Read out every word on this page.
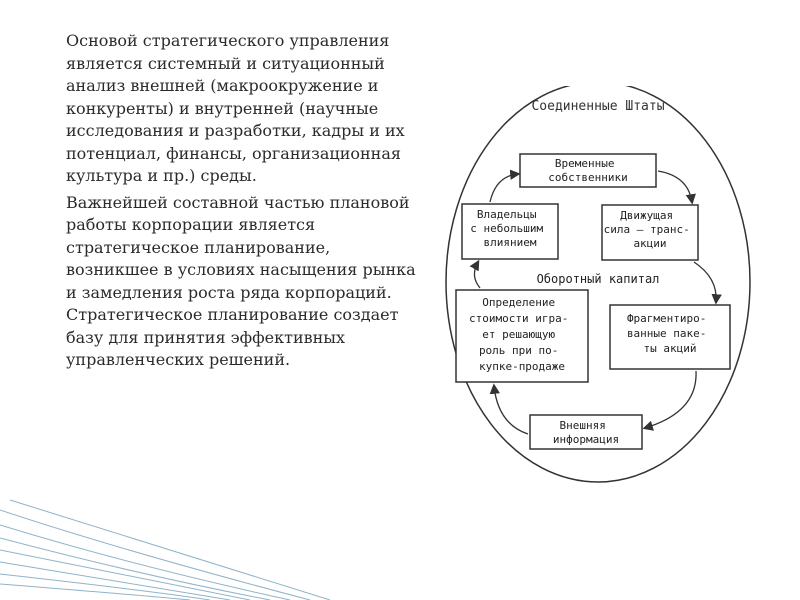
Основой стратегического управления является системный и ситуационный анализ внешней (макроокружение и конкуренты) и внутренней (научные исследования и разработки, кадры и их потенциал, финансы, организационная культура и пр.) среды.

Важнейшей составной частью плановой работы корпорации является стратегическое планирование, возникшее в условиях насыщения рынка и замедления роста ряда корпораций. Стратегическое планирование создает базу для принятия эффективных управленческих решений.

Соединенные Штаты
Оборотный капитал
Временные собственники
Движущая сила – транс- акции
Фрагментиро- ванные паке- ты акций
Внешняя информация
Определение стоимости игра- ет решающую роль при по- купке-продаже
Владельцы с небольшим влиянием
